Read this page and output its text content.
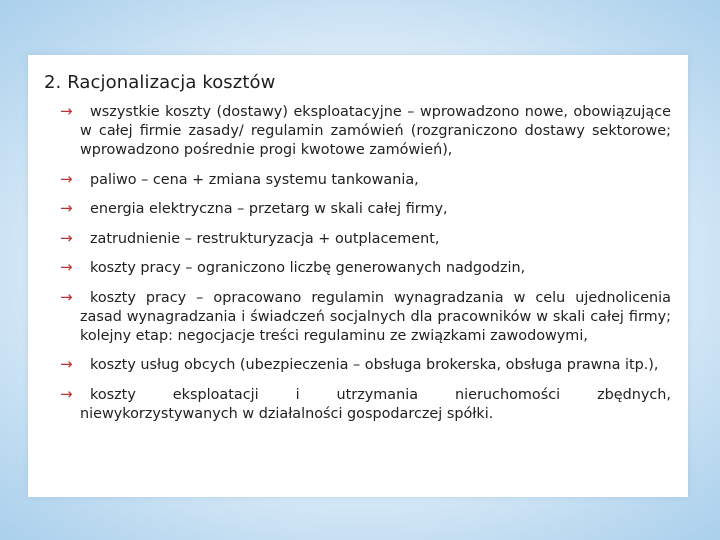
2. Racjonalizacja kosztów
→ wszystkie koszty (dostawy) eksploatacyjne – wprowadzono nowe, obowiązujące w całej firmie zasady/ regulamin zamówień (rozgraniczono dostawy sektorowe; wprowadzono pośrednie progi kwotowe zamówień),
→ paliwo – cena + zmiana systemu tankowania,
→ energia elektryczna – przetarg w skali całej firmy,
→ zatrudnienie – restrukturyzacja + outplacement,
→ koszty pracy – ograniczono liczbę generowanych nadgodzin,
→ koszty pracy – opracowano regulamin wynagradzania w celu ujednolicenia zasad wynagradzania i świadczeń socjalnych dla pracowników w skali całej firmy; kolejny etap: negocjacje treści regulaminu ze związkami zawodowymi,
→ koszty usług obcych (ubezpieczenia – obsługa brokerska, obsługa prawna itp.),
→ koszty eksploatacji i utrzymania nieruchomości zbędnych, niewykorzystywanych w działalności gospodarczej spółki.
